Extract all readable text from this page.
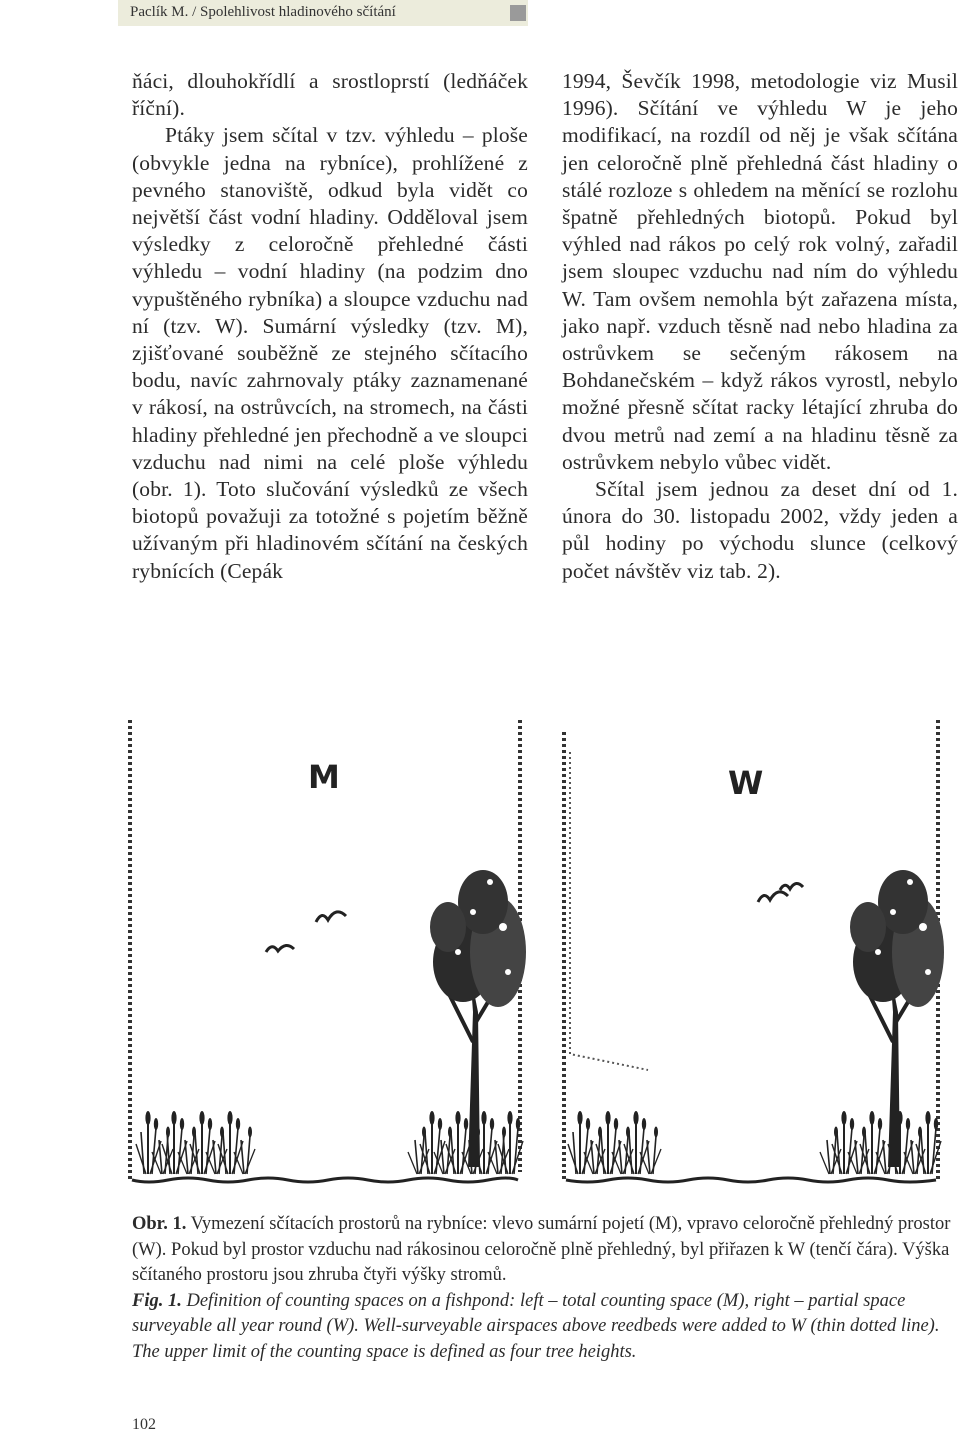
Paclík M. / Spolehlivost hladinového sčítání

ňáci, dlouhokřídlí a srostloprstí (ledňáček říční).

Ptáky jsem sčítal v tzv. výhledu – ploše (obvykle jedna na rybníce), prohlížené z pevného stanoviště, odkud byla vidět co největší část vodní hladiny. Odděloval jsem výsledky z celoročně přehledné části výhledu – vodní hladiny (na podzim dno vypuštěného rybníka) a sloupce vzduchu nad ní (tzv. W). Sumární výsledky (tzv. M), zjišťované souběžně ze stejného sčítacího bodu, navíc zahrnovaly ptáky zaznamenané v rákosí, na ostrůvcích, na stromech, na části hladiny přehledné jen přechodně a ve sloupci vzduchu nad nimi na celé ploše výhledu (obr. 1). Toto slučování výsledků ze všech biotopů považuji za totožné s pojetím běžně užívaným při hladinovém sčítání na českých rybnících (Cepák

1994, Ševčík 1998, metodologie viz Musil 1996). Sčítání ve výhledu W je jeho modifikací, na rozdíl od něj je však sčítána jen celoročně plně přehledná část hladiny o stálé rozloze s ohledem na měnící se rozlohu špatně přehledných biotopů. Pokud byl výhled nad rákos po celý rok volný, zařadil jsem sloupec vzduchu nad ním do výhledu W. Tam ovšem nemohla být zařazena místa, jako např. vzduch těsně nad nebo hladina za ostrůvkem se sečeným rákosem na Bohdanečském – když rákos vyrostl, nebylo možné přesně sčítat racky létající zhruba do dvou metrů nad zemí a na hladinu těsně za ostrůvkem nebylo vůbec vidět.

Sčítal jsem jednou za deset dní od 1. února do 30. listopadu 2002, vždy jeden a půl hodiny po východu slunce (celkový počet návštěv viz tab. 2).

M	W

Obr. 1. Vymezení sčítacích prostorů na rybníce: vlevo sumární pojetí (M), vpravo celoročně přehledný prostor (W). Pokud byl prostor vzduchu nad rákosinou celoročně plně přehledný, byl přiřazen k W (tenčí čára). Výška sčítaného prostoru jsou zhruba čtyři výšky stromů.

Fig. 1. Definition of counting spaces on a fishpond: left – total counting space (M), right – partial space surveyable all year round (W). Well-surveyable airspaces above reedbeds were added to W (thin dotted line). The upper limit of the counting space is defined as four tree heights.

102
